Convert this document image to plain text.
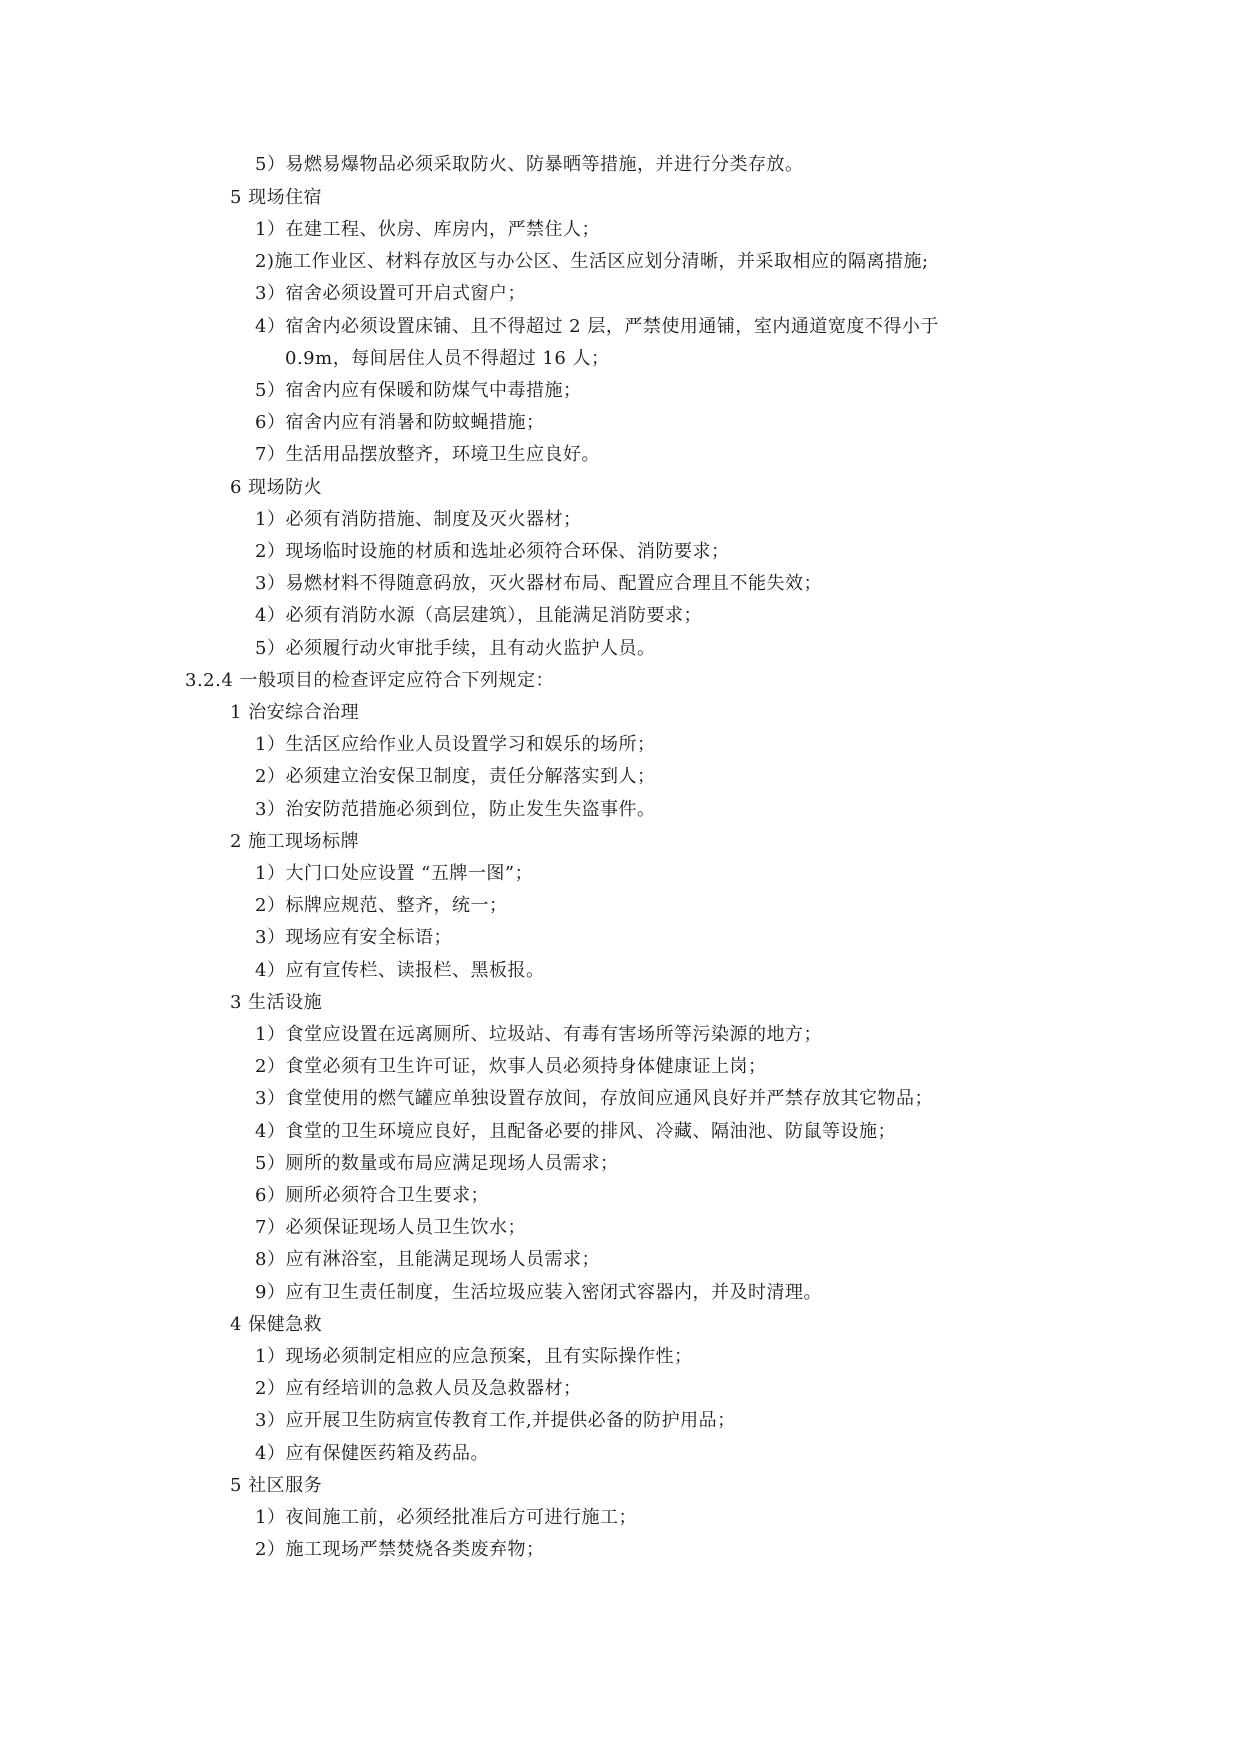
5）易燃易爆物品必须采取防火、防暴晒等措施，并进行分类存放。
5 现场住宿
1）在建工程、伙房、库房内，严禁住人；
2)施工作业区、材料存放区与办公区、生活区应划分清晰，并采取相应的隔离措施;
3）宿舍必须设置可开启式窗户；
4）宿舍内必须设置床铺、且不得超过 2 层，严禁使用通铺，室内通道宽度不得小于
0.9m，每间居住人员不得超过 16 人；
5）宿舍内应有保暖和防煤气中毒措施；
6）宿舍内应有消暑和防蚊蝇措施；
7）生活用品摆放整齐，环境卫生应良好。
6 现场防火
1）必须有消防措施、制度及灭火器材；
2）现场临时设施的材质和选址必须符合环保、消防要求；
3）易燃材料不得随意码放，灭火器材布局、配置应合理且不能失效；
4）必须有消防水源（高层建筑），且能满足消防要求；
5）必须履行动火审批手续，且有动火监护人员。
3.2.4 一般项目的检查评定应符合下列规定：
1 治安综合治理
1）生活区应给作业人员设置学习和娱乐的场所；
2）必须建立治安保卫制度，责任分解落实到人；
3）治安防范措施必须到位，防止发生失盗事件。
2 施工现场标牌
1）大门口处应设置 “五牌一图”；
2）标牌应规范、整齐，统一；
3）现场应有安全标语；
4）应有宣传栏、读报栏、黑板报。
3 生活设施
1）食堂应设置在远离厕所、垃圾站、有毒有害场所等污染源的地方；
2）食堂必须有卫生许可证，炊事人员必须持身体健康证上岗；
3）食堂使用的燃气罐应单独设置存放间，存放间应通风良好并严禁存放其它物品；
4）食堂的卫生环境应良好，且配备必要的排风、冷藏、隔油池、防鼠等设施；
5）厕所的数量或布局应满足现场人员需求；
6）厕所必须符合卫生要求；
7）必须保证现场人员卫生饮水；
8）应有淋浴室，且能满足现场人员需求；
9）应有卫生责任制度，生活垃圾应装入密闭式容器内，并及时清理。
4 保健急救
1）现场必须制定相应的应急预案，且有实际操作性；
2）应有经培训的急救人员及急救器材；
3）应开展卫生防病宣传教育工作,并提供必备的防护用品；
4）应有保健医药箱及药品。
5 社区服务
1）夜间施工前，必须经批准后方可进行施工；
2）施工现场严禁焚烧各类废弃物；
